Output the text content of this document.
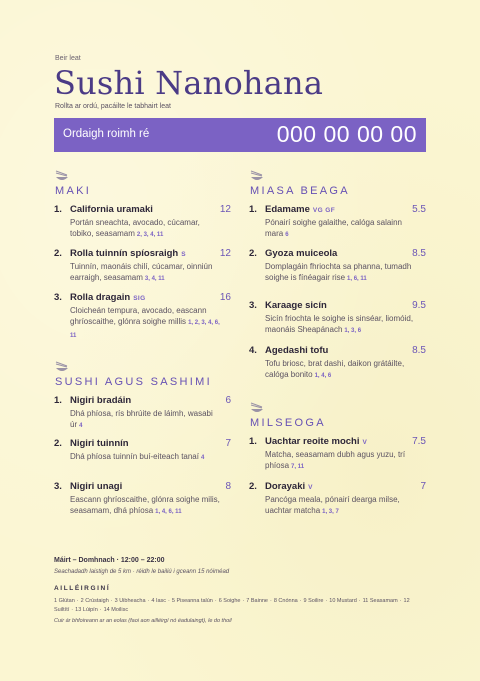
Beir leat
Sushi Nanohana
Rollta ar ordú, pacáilte le tabhairt leat
Ordaigh roimh ré	000 00 00 00
MAKI
1. California uramaki	12
Portán sneachta, avocado, cúcamar, tobiko, seasamam 2, 3, 4, 11
2. Rolla tuinnín spíosraigh S	12
Tuinnín, maonáis chilí, cúcamar, oinniún earraigh, seasamam 3, 4, 11
3. Rolla dragain SIG	16
Cloicheán tempura, avocado, eascann ghríoscaithe, glónra soighe millis 1, 2, 3, 4, 6, 11
SUSHI AGUS SASHIMI
1. Nigiri bradáin	6
Dhá phíosa, rís bhrúite de láimh, wasabi úr 4
2. Nigiri tuinnín	7
Dhá phíosa tuinnín buí-eiteach tanaí 4
3. Nigiri unagi	8
Eascann ghríoscaithe, glónra soighe milis, seasamam, dhá phíosa 1, 4, 6, 11
MIASA BEAGA
1. Edamame VG GF	5.5
Pónairí soighe galaithe, calóga salainn mara 6
2. Gyoza muiceola	8.5
Domplagáin fhriochta sa phanna, tumadh soighe is fínéagair rise 1, 6, 11
3. Karaage sicín	9.5
Sicín friochta le soighe is sinséar, liomóid, maonáis Sheapánach 1, 3, 6
4. Agedashi tofu	8.5
Tofu briosc, brat dashi, daikon grátáilte, calóga bonito 1, 4, 6
MILSEOGA
1. Uachtar reoite mochi V	7.5
Matcha, seasamam dubh agus yuzu, trí phíosa 7, 11
2. Dorayaki V	7
Pancóga meala, pónairí dearga milse, uachtar matcha 1, 3, 7
Máirt – Domhnach · 12:00 – 22:00
Seachadadh laistigh de 5 km · réidh le bailiú i gceann 15 nóiméad
AILLÉIRGINÍ
1 Glútan · 2 Crústaigh · 3 Uibheacha · 4 Iasc · 5 Piseanna talún · 6 Soighe · 7 Bainne · 8 Cnónna · 9 Soilire · 10 Mustard · 11 Seasamam · 12 Suiltítí · 13 Lúipín · 14 Moilisc
Cuir ár bhfoireann ar an eolas (faoi aon ailléirgí nó éadulaingt), le do thoil
